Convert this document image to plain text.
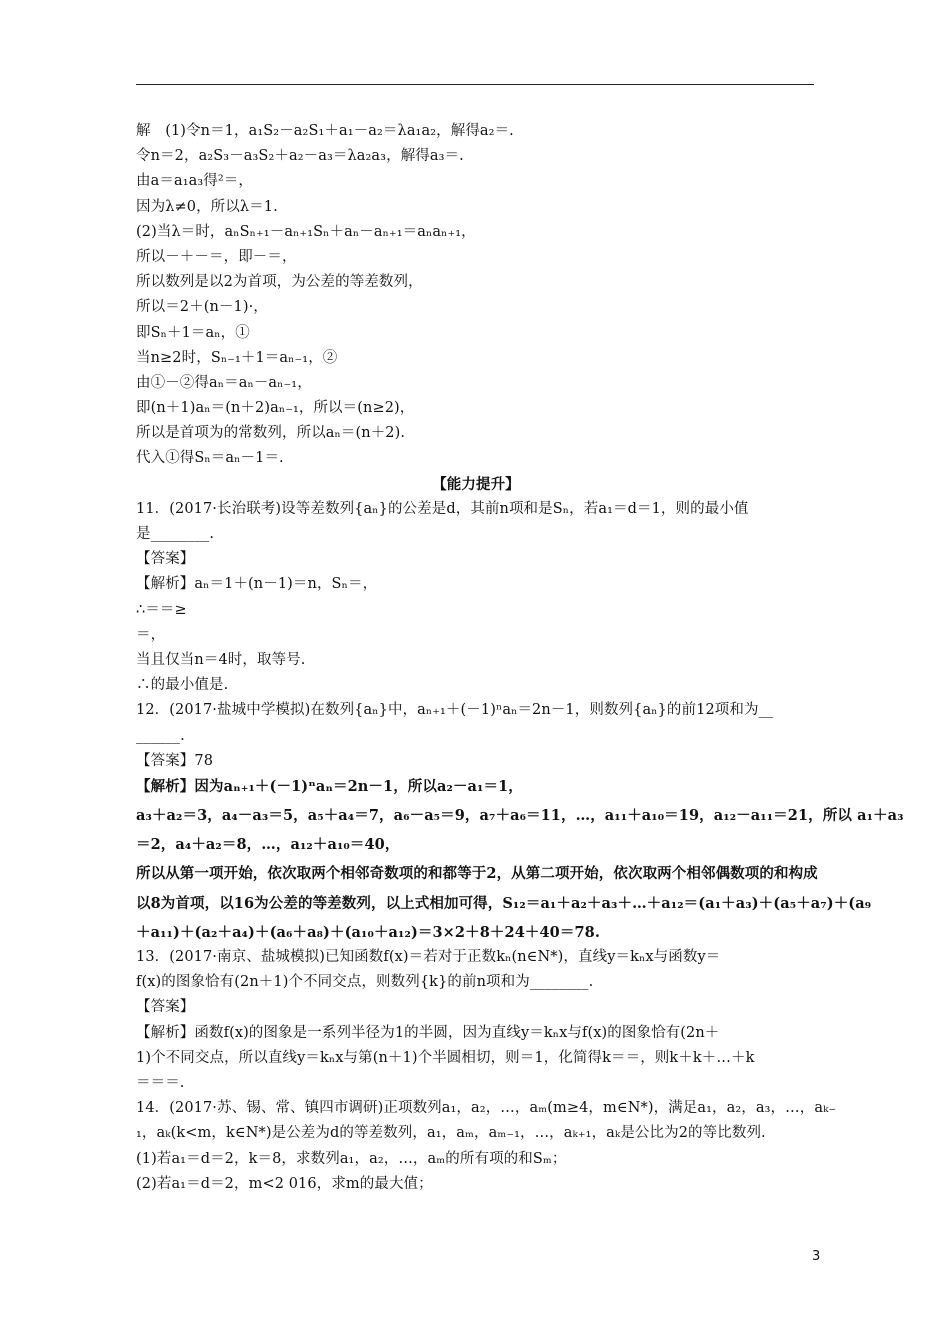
解　(1)令n＝1，a₁S₂－a₂S₁＋a₁－a₂＝λa₁a₂，解得a₂＝.
令n＝2，a₂S₃－a₃S₂＋a₂－a₃＝λa₂a₃，解得a₃＝.
由a＝a₁a₃得²＝，
因为λ≠0，所以λ＝1.
(2)当λ＝时，aₙSₙ₊₁－aₙ₊₁Sₙ＋aₙ－aₙ₊₁＝aₙaₙ₊₁，
所以－＋－＝，即－＝，
所以数列是以2为首项，为公差的等差数列，
所以＝2＋(n－1)·，
即Sₙ＋1＝aₙ，①
当n≥2时，Sₙ₋₁＋1＝aₙ₋₁，②
由①－②得aₙ＝aₙ－aₙ₋₁，
即(n＋1)aₙ＝(n＋2)aₙ₋₁，所以＝(n≥2)，
所以是首项为的常数列，所以aₙ＝(n＋2).
代入①得Sₙ＝aₙ－1＝.
【能力提升】
11．(2017·长治联考)设等差数列{aₙ}的公差是d，其前n项和是Sₙ，若a₁＝d＝1，则的最小值
是________.
【答案】
【解析】aₙ＝1＋(n－1)＝n，Sₙ＝，
∴＝＝≥
＝，
当且仅当n＝4时，取等号.
∴的最小值是.
12．(2017·盐城中学模拟)在数列{aₙ}中，aₙ₊₁＋(－1)ⁿaₙ＝2n－1，则数列{aₙ}的前12项和为__
______.
【答案】78
【解析】因为aₙ₊₁＋(－1)ⁿaₙ＝2n－1，所以a₂－a₁＝1，
a₃＋a₂＝3，a₄－a₃＝5，a₅＋a₄＝7，a₆－a₅＝9，a₇＋a₆＝11，…，a₁₁＋a₁₀＝19，a₁₂－a₁₁＝21，所以 a₁＋a₃
＝2，a₄＋a₂＝8，…，a₁₂＋a₁₀＝40，
所以从第一项开始，依次取两个相邻奇数项的和都等于2，从第二项开始，依次取两个相邻偶数项的和构成
以8为首项，以16为公差的等差数列，以上式相加可得，S₁₂＝a₁＋a₂＋a₃＋…＋a₁₂＝(a₁＋a₃)＋(a₅＋a₇)＋(a₉
＋a₁₁)＋(a₂＋a₄)＋(a₆＋a₈)＋(a₁₀＋a₁₂)＝3×2＋8＋24＋40＝78.
13．(2017·南京、盐城模拟)已知函数f(x)＝若对于正数kₙ(n∈N*)，直线y＝kₙx与函数y＝
f(x)的图象恰有(2n＋1)个不同交点，则数列{k}的前n项和为________.
【答案】
【解析】函数f(x)的图象是一系列半径为1的半圆，因为直线y＝kₙx与f(x)的图象恰有(2n＋
1)个不同交点，所以直线y＝kₙx与第(n＋1)个半圆相切，则＝1，化简得k＝＝，则k＋k＋…＋k
＝＝＝.
14．(2017·苏、锡、常、镇四市调研)正项数列a₁，a₂，…，aₘ(m≥4，m∈N*)，满足a₁，a₂，a₃，…，aₖ₋
₁，aₖ(k<m，k∈N*)是公差为d的等差数列，a₁，aₘ，aₘ₋₁，…，aₖ₊₁，aₖ是公比为2的等比数列.
(1)若a₁＝d＝2，k＝8，求数列a₁，a₂，…，aₘ的所有项的和Sₘ；
(2)若a₁＝d＝2，m<2 016，求m的最大值；
3
